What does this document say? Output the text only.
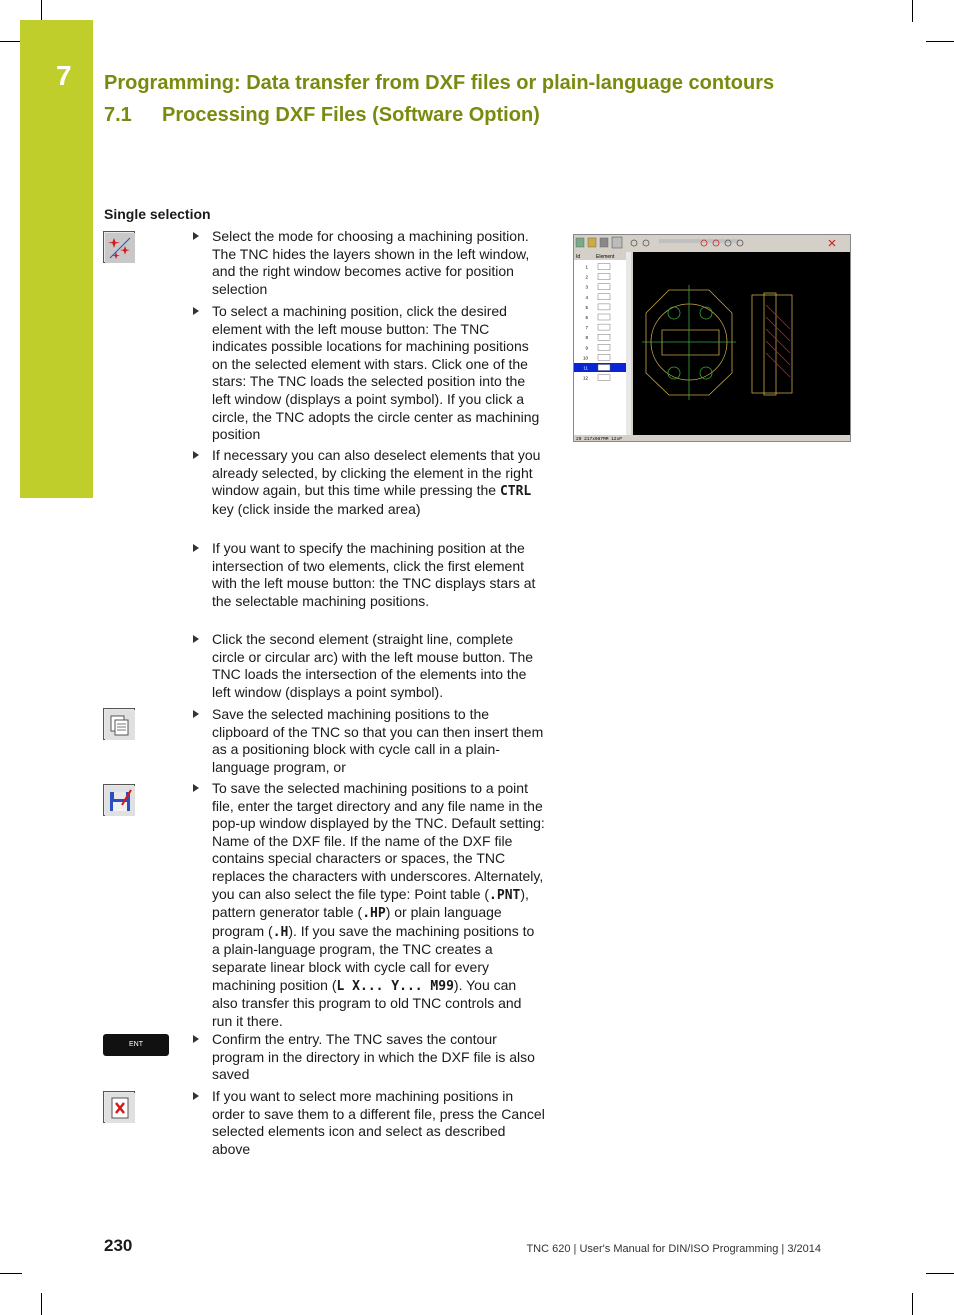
7 Programming: Data transfer from DXF files or plain-language contours
7.1 Processing DXF Files (Software Option)
Single selection
ENT
Select the mode for choosing a machining position. The TNC hides the layers shown in the left window, and the right window becomes active for position selection
To select a machining position, click the desired element with the left mouse button: The TNC indicates possible locations for machining positions on the selected element with stars. Click one of the stars: The TNC loads the selected position into the left window (displays a point symbol). If you click a circle, the TNC adopts the circle center as machining position
If necessary you can also deselect elements that you already selected, by clicking the element in the right window again, but this time while pressing the CTRL key (click inside the marked area)
If you want to specify the machining position at the intersection of two elements, click the first element with the left mouse button: the TNC displays stars at the selectable machining positions.
Click the second element (straight line, complete circle or circular arc) with the left mouse button. The TNC loads the intersection of the elements into the left window (displays a point symbol).
Save the selected machining positions to the clipboard of the TNC so that you can then insert them as a positioning block with cycle call in a plain-language program, or
To save the selected machining positions to a point file, enter the target directory and any file name in the pop-up window displayed by the TNC. Default setting: Name of the DXF file. If the name of the DXF file contains special characters or spaces, the TNC replaces the characters with underscores. Alternately, you can also select the file type: Point table (.PNT), pattern generator table (.HP) or plain language program (.H). If you save the machining positions to a plain-language program, the TNC creates a separate linear block with cycle call for every machining position (L X... Y... M99). You can also transfer this program to old TNC controls and run it there.
Confirm the entry. The TNC saves the contour program in the directory in which the DXF file is also saved
If you want to select more machining positions in order to save them to a different file, press the Cancel selected elements icon and select as described above
Id	Element
1
2
3
4
5
6
7
8
9
10
11
12
20 217x087MM 12xP
230	TNC 620 | User's Manual for DIN/ISO Programming | 3/2014
